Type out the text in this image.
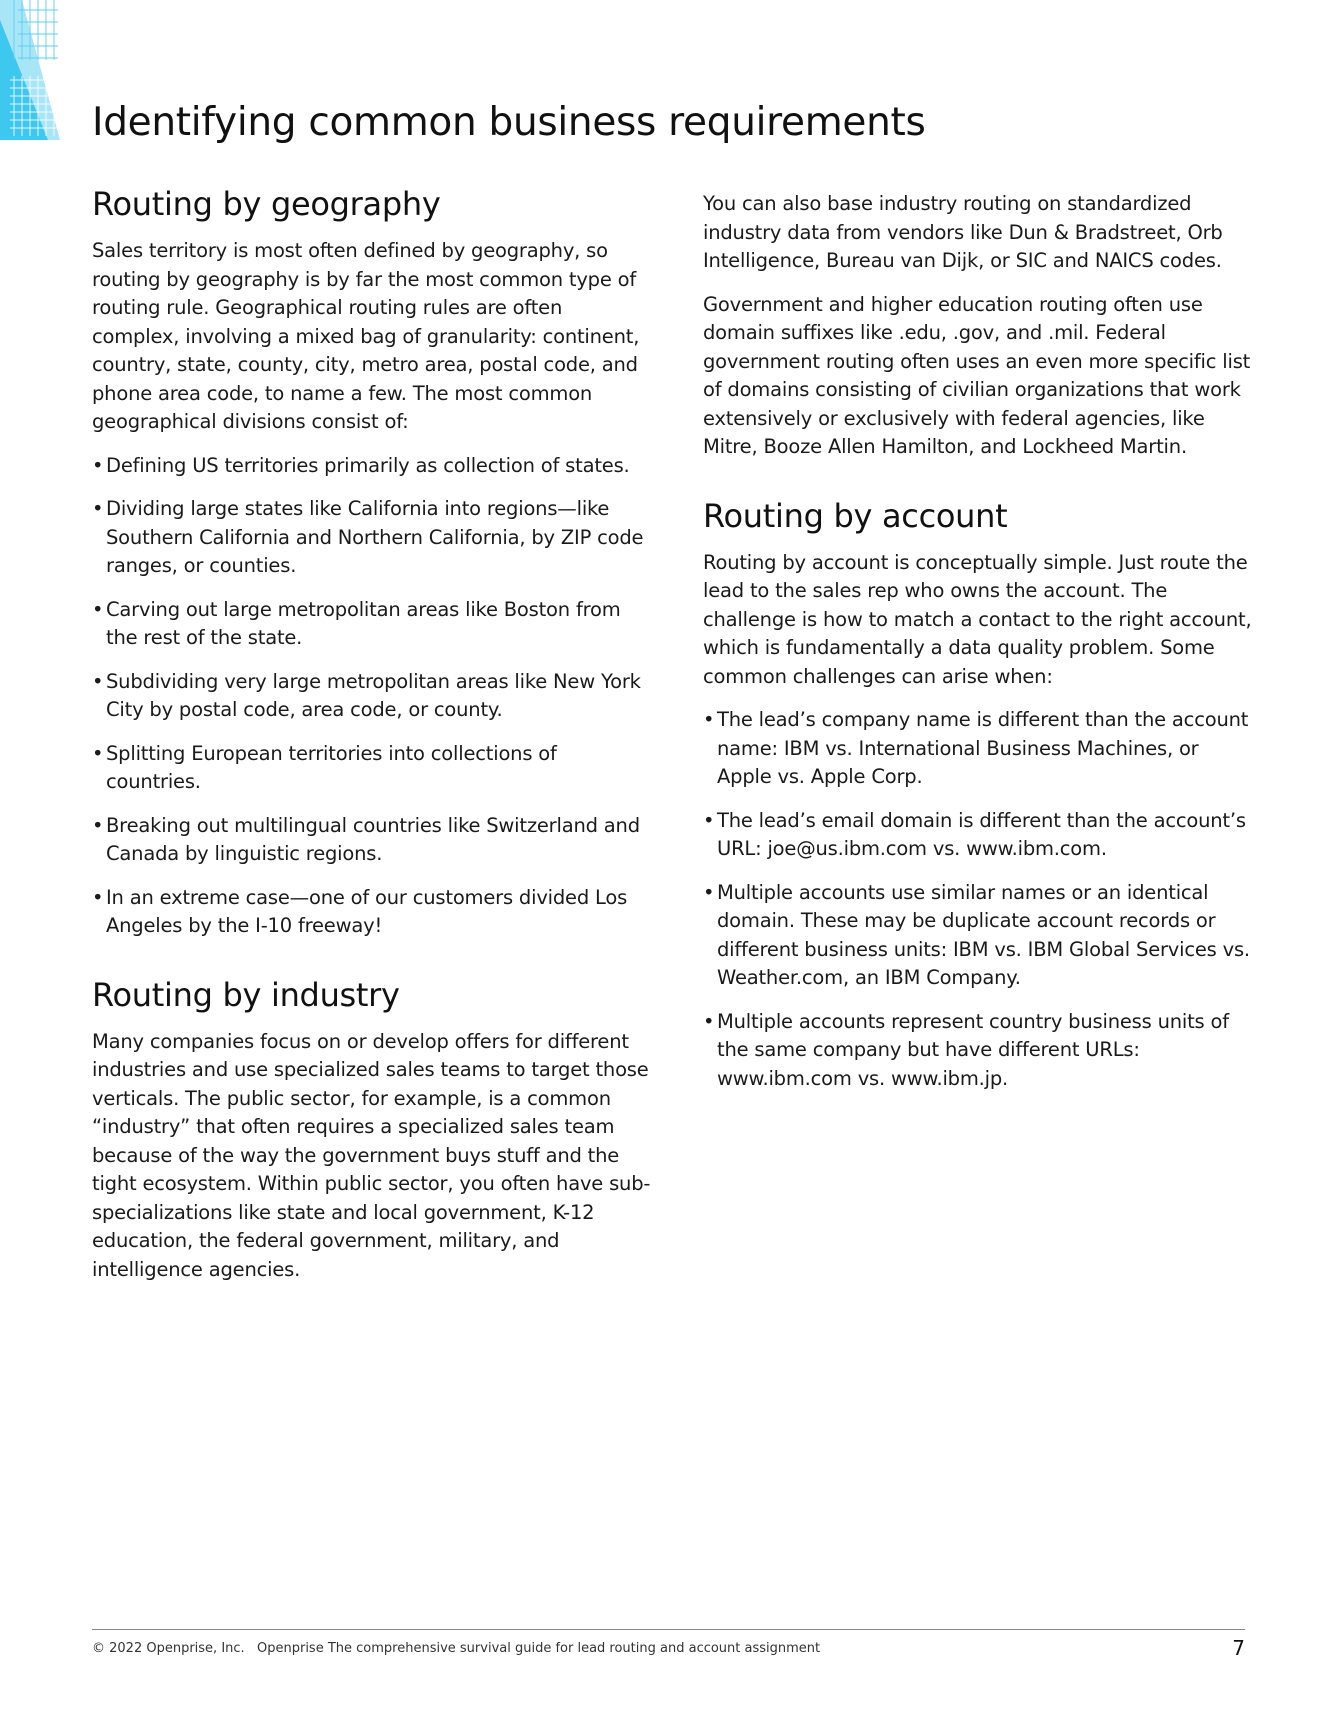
Identifying common business requirements
Routing by geography

Sales territory is most often defined by geography, so routing by geography is by far the most common type of routing rule. Geographical routing rules are often complex, involving a mixed bag of granularity: continent, country, state, county, city, metro area, postal code, and phone area code, to name a few. The most common geographical divisions consist of:

• Defining US territories primarily as collection of states.
• Dividing large states like California into regions—like Southern California and Northern California, by ZIP code ranges, or counties.
• Carving out large metropolitan areas like Boston from the rest of the state.
• Subdividing very large metropolitan areas like New York City by postal code, area code, or county.
• Splitting European territories into collections of countries.
• Breaking out multilingual countries like Switzerland and Canada by linguistic regions.
• In an extreme case—one of our customers divided Los Angeles by the I-10 freeway!
Routing by industry

Many companies focus on or develop offers for different industries and use specialized sales teams to target those verticals. The public sector, for example, is a common “industry” that often requires a specialized sales team because of the way the government buys stuff and the tight ecosystem. Within public sector, you often have sub-specializations like state and local government, K-12 education, the federal government, military, and intelligence agencies.

You can also base industry routing on standardized industry data from vendors like Dun & Bradstreet, Orb Intelligence, Bureau van Dijk, or SIC and NAICS codes.

Government and higher education routing often use domain suffixes like .edu, .gov, and .mil. Federal government routing often uses an even more specific list of domains consisting of civilian organizations that work extensively or exclusively with federal agencies, like Mitre, Booze Allen Hamilton, and Lockheed Martin.

Routing by account

Routing by account is conceptually simple. Just route the lead to the sales rep who owns the account. The challenge is how to match a contact to the right account, which is fundamentally a data quality problem. Some common challenges can arise when:

• The lead’s company name is different than the account name: IBM vs. International Business Machines, or Apple vs. Apple Corp.
• The lead’s email domain is different than the account’s URL: joe@us.ibm.com vs. www.ibm.com.
• Multiple accounts use similar names or an identical domain. These may be duplicate account records or different business units: IBM vs. IBM Global Services vs. Weather.com, an IBM Company.
• Multiple accounts represent country business units of the same company but have different URLs: www.ibm.com vs. www.ibm.jp.
© 2022 Openprise, Inc. Openprise The comprehensive survival guide for lead routing and account assignment	7
